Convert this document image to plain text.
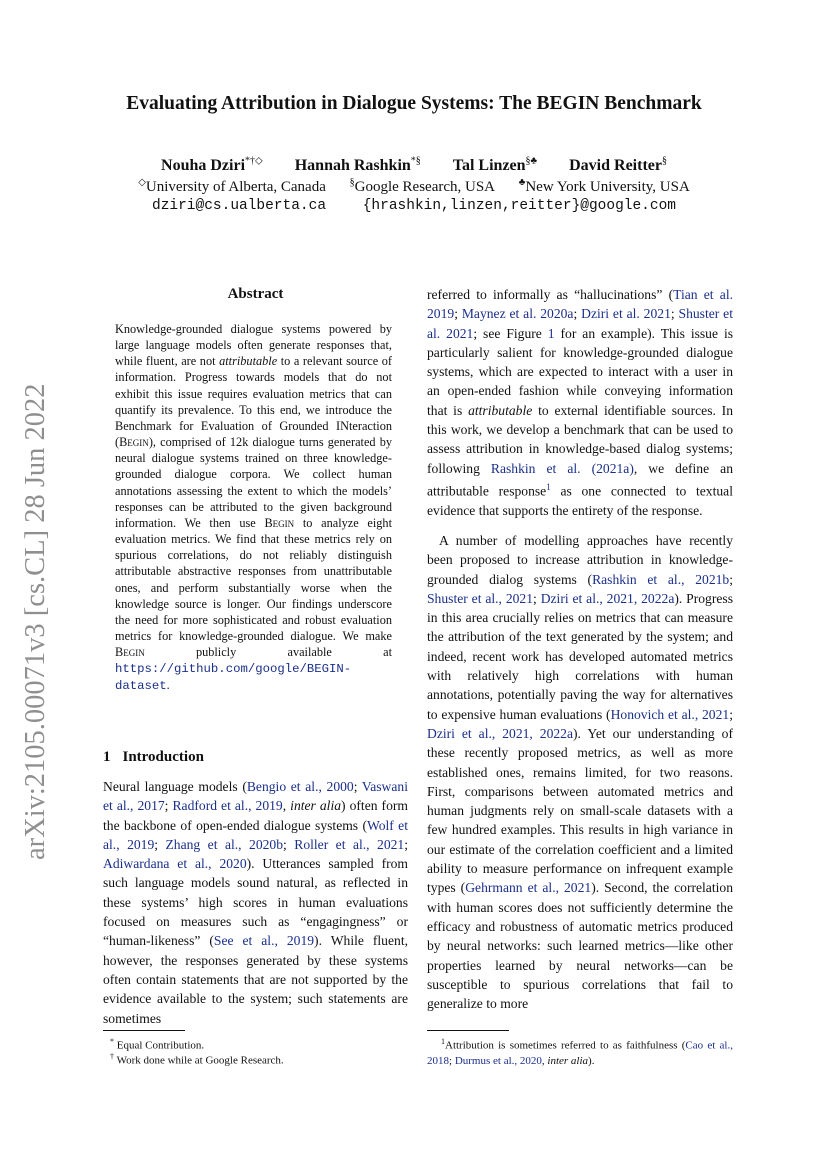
arXiv:2105.00071v3 [cs.CL] 28 Jun 2022
Evaluating Attribution in Dialogue Systems: The BEGIN Benchmark
Nouha Dziri*†◇ Hannah Rashkin*§ Tal Linzen§♣ David Reitter§
◇University of Alberta, Canada §Google Research, USA ♣New York University, USA
dziri@cs.ualberta.ca	{hrashkin,linzen,reitter}@google.com
Abstract

Knowledge-grounded dialogue systems powered by large language models often generate responses that, while fluent, are not attributable to a relevant source of information. Progress towards models that do not exhibit this issue requires evaluation metrics that can quantify its prevalence. To this end, we introduce the Benchmark for Evaluation of Grounded INteraction (Begin), comprised of 12k dialogue turns generated by neural dialogue systems trained on three knowledge-grounded dialogue corpora. We collect human annotations assessing the extent to which the models’ responses can be attributed to the given background information. We then use Begin to analyze eight evaluation metrics. We find that these metrics rely on spurious correlations, do not reliably distinguish attributable abstractive responses from unattributable ones, and perform substantially worse when the knowledge source is longer. Our findings underscore the need for more sophisticated and robust evaluation metrics for knowledge-grounded dialogue. We make Begin publicly available at https://github.com/google/BEGIN-dataset.

1 Introduction

Neural language models (Bengio et al., 2000; Vaswani et al., 2017; Radford et al., 2019, inter alia) often form the backbone of open-ended dialogue systems (Wolf et al., 2019; Zhang et al., 2020b; Roller et al., 2021; Adiwardana et al., 2020). Utterances sampled from such language models sound natural, as reflected in these systems’ high scores in human evaluations focused on measures such as “engagingness” or “human-likeness” (See et al., 2019). While fluent, however, the responses generated by these systems often contain statements that are not supported by the evidence available to the system; such statements are sometimes

referred to informally as “hallucinations” (Tian et al. 2019; Maynez et al. 2020a; Dziri et al. 2021; Shuster et al. 2021; see Figure 1 for an example). This issue is particularly salient for knowledge-grounded dialogue systems, which are expected to interact with a user in an open-ended fashion while conveying information that is attributable to external identifiable sources. In this work, we develop a benchmark that can be used to assess attribution in knowledge-based dialog systems; following Rashkin et al. (2021a), we define an attributable response$^1$ as one connected to textual evidence that supports the entirety of the response.

A number of modelling approaches have recently been proposed to increase attribution in knowledge-grounded dialog systems (Rashkin et al., 2021b; Shuster et al., 2021; Dziri et al., 2021, 2022a). Progress in this area crucially relies on metrics that can measure the attribution of the text generated by the system; and indeed, recent work has developed automated metrics with relatively high correlations with human annotations, potentially paving the way for alternatives to expensive human evaluations (Honovich et al., 2021; Dziri et al., 2021, 2022a). Yet our understanding of these recently proposed metrics, as well as more established ones, remains limited, for two reasons. First, comparisons between automated metrics and human judgments rely on small-scale datasets with a few hundred examples. This results in high variance in our estimate of the correlation coefficient and a limited ability to measure performance on infrequent example types (Gehrmann et al., 2021). Second, the correlation with human scores does not sufficiently determine the efficacy and robustness of automatic metrics produced by neural networks: such learned metrics—like other properties learned by neural networks—can be susceptible to spurious correlations that fail to generalize to more

* Equal Contribution.

† Work done while at Google Research.

$^1$Attribution is sometimes referred to as faithfulness (Cao et al., 2018; Durmus et al., 2020, inter alia).
